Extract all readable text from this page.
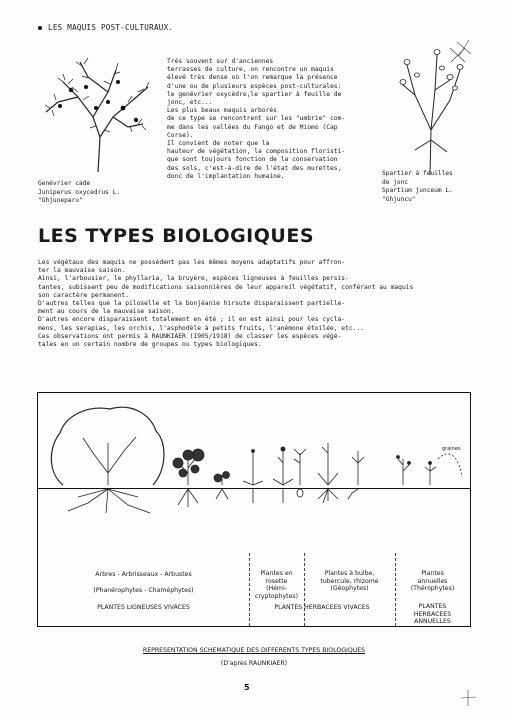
LES MAQUIS POST-CULTURAUX.
Très souvent sur d'anciennes
terrasses de culture, on rencontre un maquis
élevé très dense où l'on remarque la présence
d'une ou de plusieurs espèces post-culturales:
le genévrier oxycèdre,le spartier à feuille de
jonc, etc...
Les plus beaux maquis arborés
de ce type se rencontrent sur les "umbrie" com-
me dans les vallées du Fango et de Miomo (Cap
Corse).
Il convient de noter que la
hauteur de végétation, la composition floristi-
que sont toujours fonction de la conservation
des sols, c'est-à-dire de l'état des murettes,
donc de l'implantation humaine.
Genévrier cade
Juniperus oxycedrus L.
"Ghjuneparu"
Spartier à feuilles
de jonc
Spartium junceum L.
"Ghjuncu"
LES TYPES BIOLOGIQUES
Les végétaux des maquis ne possèdent pas les mêmes moyens adaptatifs pour affron-
ter la mauvaise saison.
Ainsi, l'arbousier, le phyllaria, la bruyère, espèces ligneuses à feuilles persis-
tantes, subissent peu de modifications saisonnières de leur appareil végétatif, conférant au maquis
son caractère permanent.
D'autres telles que la piloselle et la bonjéanie hirsute disparaissent partielle-
ment au cours de la mauvaise saison.
D'autres encore disparaissent totalement en été ; il en est ainsi pour les cycla-
mens, les serapias, les orchis, l'asphodèle à petits fruits, l'anémone étoilée, etc...
Ces observations ont permis à RAUNKIAER (1905/1918) de classer les espèces végé-
tales en un certain nombre de groupes ou types biologiques.
graines
Arbres - Arbrisseaux - Arbustes
(Phanérophytes - Chaméphytes)
PLANTES LIGNEUSES VIVACES
Plantes en
rosette
(Hémi-
cryptophytes)
Plantes à bulbe,
tubercule, rhizome
(Géophytes)
PLANTES HERBACEES VIVACES
Plantes
annuelles
(Thérophytes)
PLANTES
HERBACEES
ANNUELLES
REPRESENTATION SCHEMATIQUE DES DIFFERENTS TYPES BIOLOGIQUES
(D'après RAUNKIAER)
5
